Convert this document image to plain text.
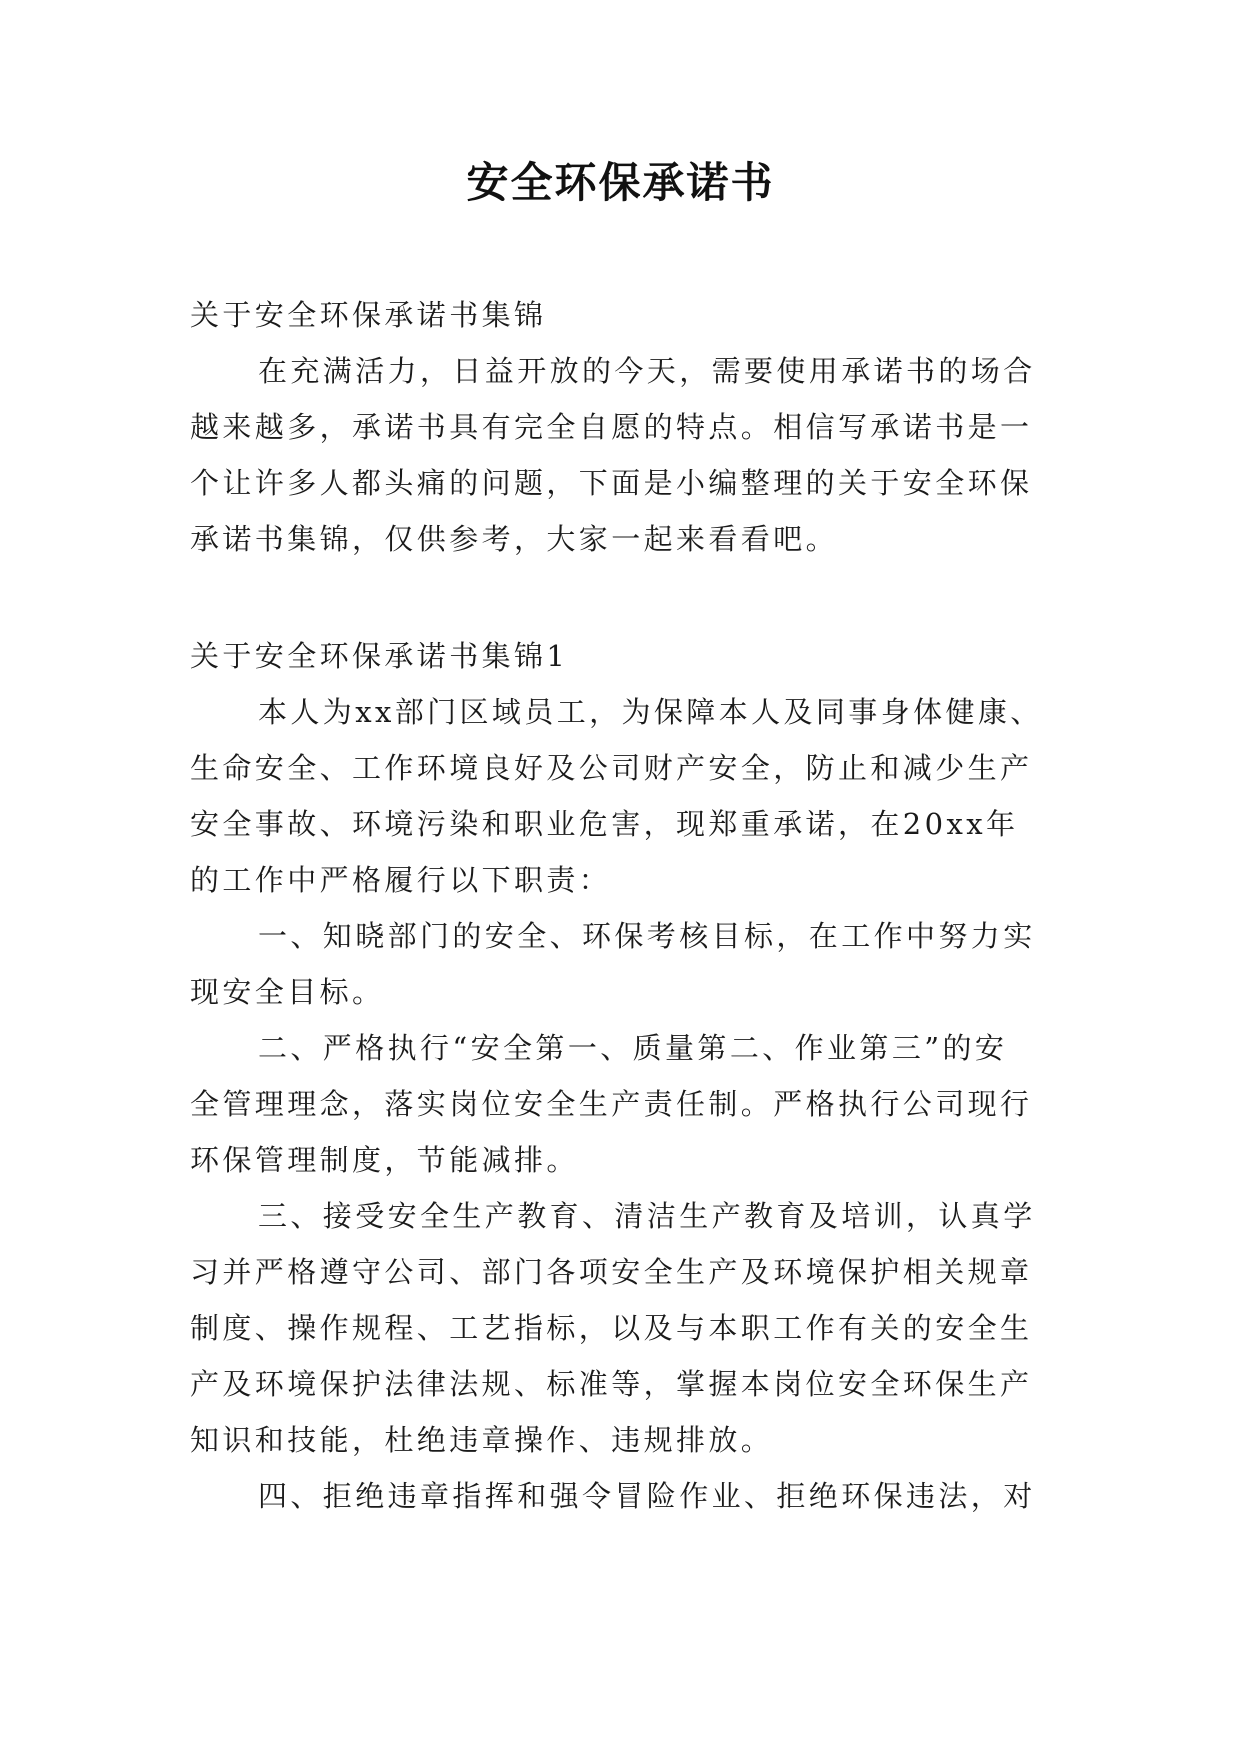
安全环保承诺书
关于安全环保承诺书集锦
在充满活力，日益开放的今天，需要使用承诺书的场合
越来越多，承诺书具有完全自愿的特点。相信写承诺书是一
个让许多人都头痛的问题，下面是小编整理的关于安全环保
承诺书集锦，仅供参考，大家一起来看看吧。
关于安全环保承诺书集锦1
本人为xx部门区域员工，为保障本人及同事身体健康、
生命安全、工作环境良好及公司财产安全，防止和减少生产
安全事故、环境污染和职业危害，现郑重承诺，在20xx年
的工作中严格履行以下职责：
一、知晓部门的安全、环保考核目标，在工作中努力实
现安全目标。
二、严格执行“安全第一、质量第二、作业第三”的安
全管理理念，落实岗位安全生产责任制。严格执行公司现行
环保管理制度，节能减排。
三、接受安全生产教育、清洁生产教育及培训，认真学
习并严格遵守公司、部门各项安全生产及环境保护相关规章
制度、操作规程、工艺指标，以及与本职工作有关的安全生
产及环境保护法律法规、标准等，掌握本岗位安全环保生产
知识和技能，杜绝违章操作、违规排放。
四、拒绝违章指挥和强令冒险作业、拒绝环保违法，对
